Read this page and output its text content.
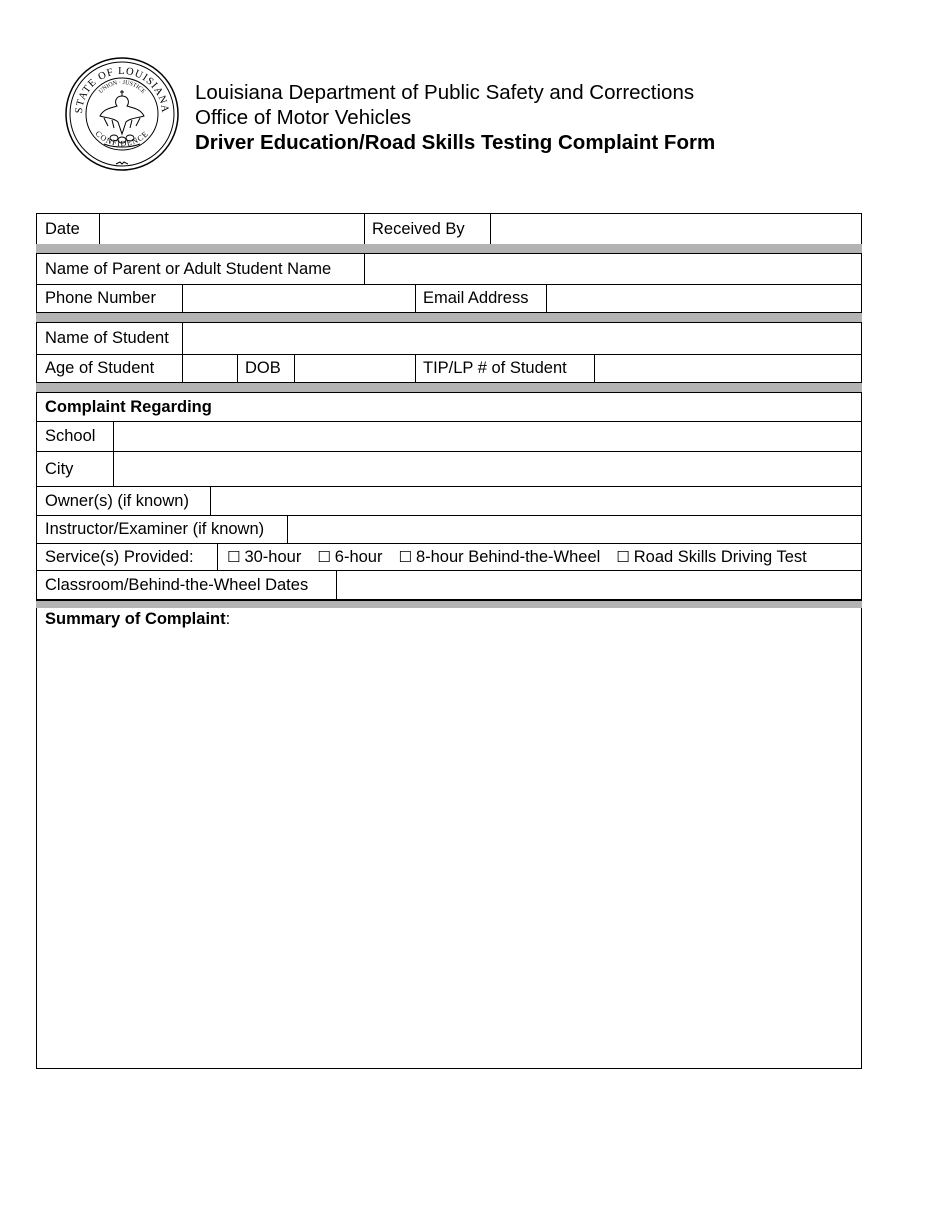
STATE OF LOUISIANA
CONFIDENCE
UNION · JUSTICE Louisiana Department of Public Safety and Corrections
Office of Motor Vehicles
Driver Education/Road Skills Testing Complaint Form
Date	Received By
Name of Parent or Adult Student Name
Phone Number	Email Address
Name of Student
Age of Student	DOB	TIP/LP # of Student
Complaint Regarding
School
City
Owner(s) (if known)
Instructor/Examiner (if known)
Service(s) Provided:	☐ 30-hour ☐ 6-hour ☐ 8-hour Behind-the-Wheel ☐ Road Skills Driving Test
Classroom/Behind-the-Wheel Dates
Summary of Complaint:
